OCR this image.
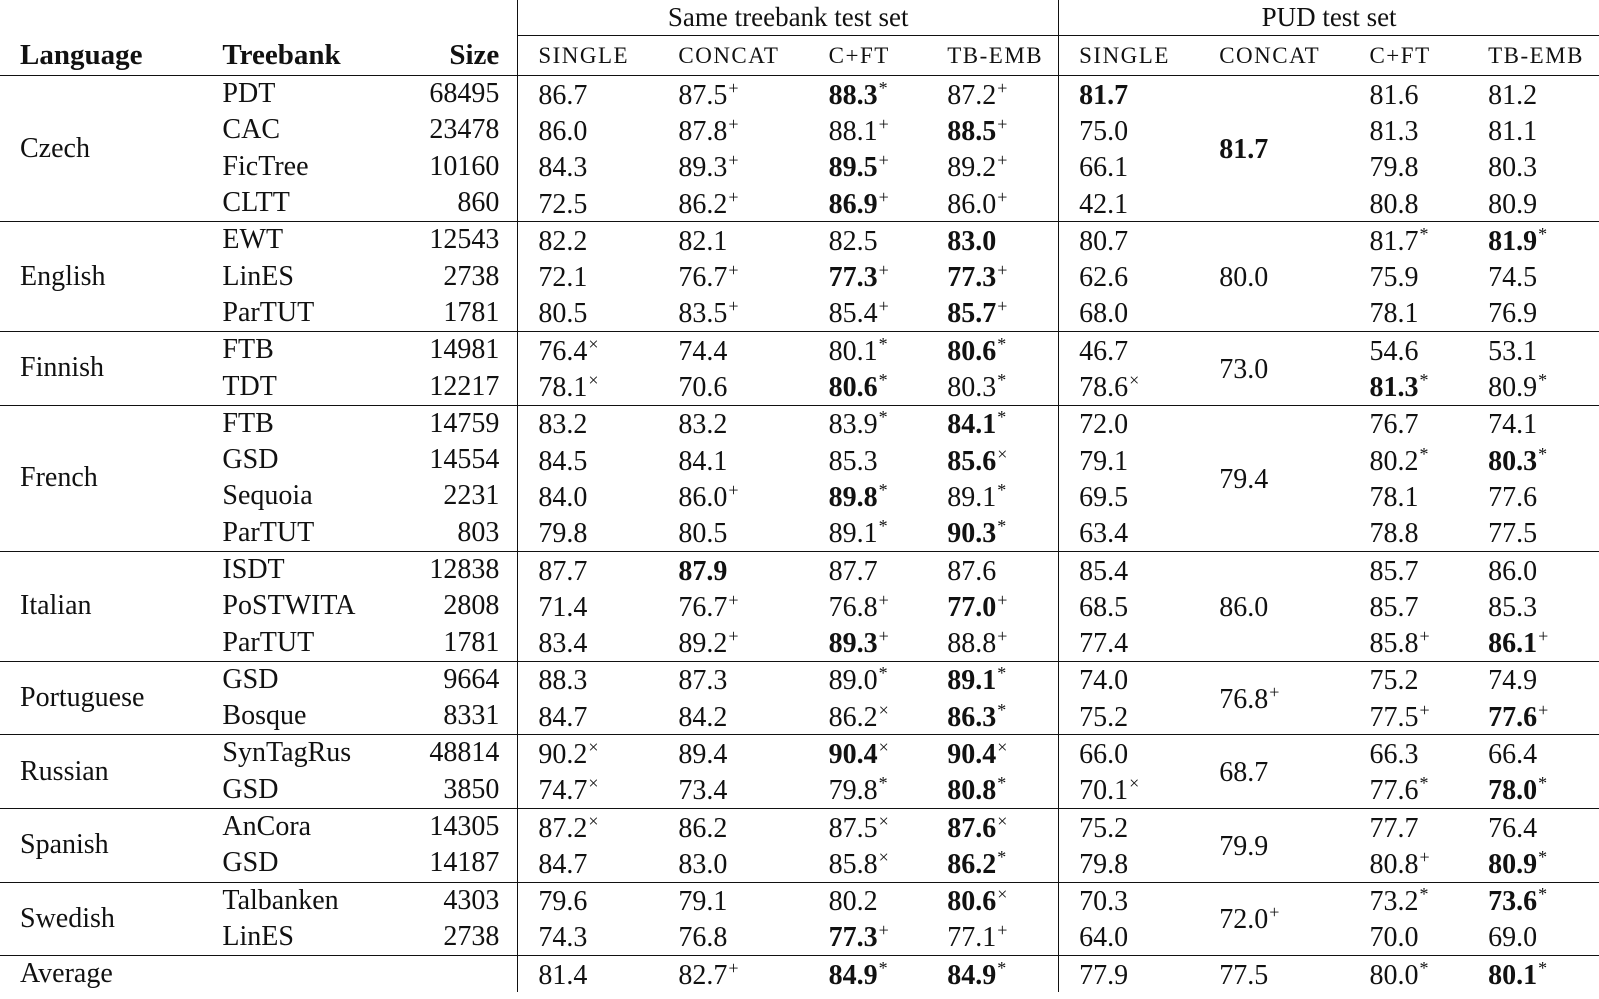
			Same treebank test set				PUD test set			
Language	Treebank	Size	SINGLE	CONCAT	C+FT	TB-EMB	SINGLE	CONCAT	C+FT	TB-EMB
Czech	PDT	68495	86.7	87.5+	88.3*	87.2+	81.7	81.7	81.6	81.2
	CAC	23478	86.0	87.8+	88.1+	88.5+	75.0		81.3	81.1
	FicTree	10160	84.3	89.3+	89.5+	89.2+	66.1		79.8	80.3
	CLTT	860	72.5	86.2+	86.9+	86.0+	42.1		80.8	80.9
English	EWT	12543	82.2	82.1	82.5	83.0	80.7	80.0	81.7*	81.9*
	LinES	2738	72.1	76.7+	77.3+	77.3+	62.6		75.9	74.5
	ParTUT	1781	80.5	83.5+	85.4+	85.7+	68.0		78.1	76.9
Finnish	FTB	14981	76.4×	74.4	80.1*	80.6*	46.7	73.0	54.6	53.1
	TDT	12217	78.1×	70.6	80.6*	80.3*	78.6×		81.3*	80.9*
French	FTB	14759	83.2	83.2	83.9*	84.1*	72.0	79.4	76.7	74.1
	GSD	14554	84.5	84.1	85.3	85.6×	79.1		80.2*	80.3*
	Sequoia	2231	84.0	86.0+	89.8*	89.1*	69.5		78.1	77.6
	ParTUT	803	79.8	80.5	89.1*	90.3*	63.4		78.8	77.5
Italian	ISDT	12838	87.7	87.9	87.7	87.6	85.4	86.0	85.7	86.0
	PoSTWITA	2808	71.4	76.7+	76.8+	77.0+	68.5		85.7	85.3
	ParTUT	1781	83.4	89.2+	89.3+	88.8+	77.4		85.8+	86.1+
Portuguese	GSD	9664	88.3	87.3	89.0*	89.1*	74.0	76.8+	75.2	74.9
	Bosque	8331	84.7	84.2	86.2×	86.3*	75.2		77.5+	77.6+
Russian	SynTagRus	48814	90.2×	89.4	90.4×	90.4×	66.0	68.7	66.3	66.4
	GSD	3850	74.7×	73.4	79.8*	80.8*	70.1×		77.6*	78.0*
Spanish	AnCora	14305	87.2×	86.2	87.5×	87.6×	75.2	79.9	77.7	76.4
	GSD	14187	84.7	83.0	85.8×	86.2*	79.8		80.8+	80.9*
Swedish	Talbanken	4303	79.6	79.1	80.2	80.6×	70.3	72.0+	73.2*	73.6*
	LinES	2738	74.3	76.8	77.3+	77.1+	64.0		70.0	69.0
Average			81.4	82.7+	84.9*	84.9*	77.9	77.5	80.0*	80.1*
